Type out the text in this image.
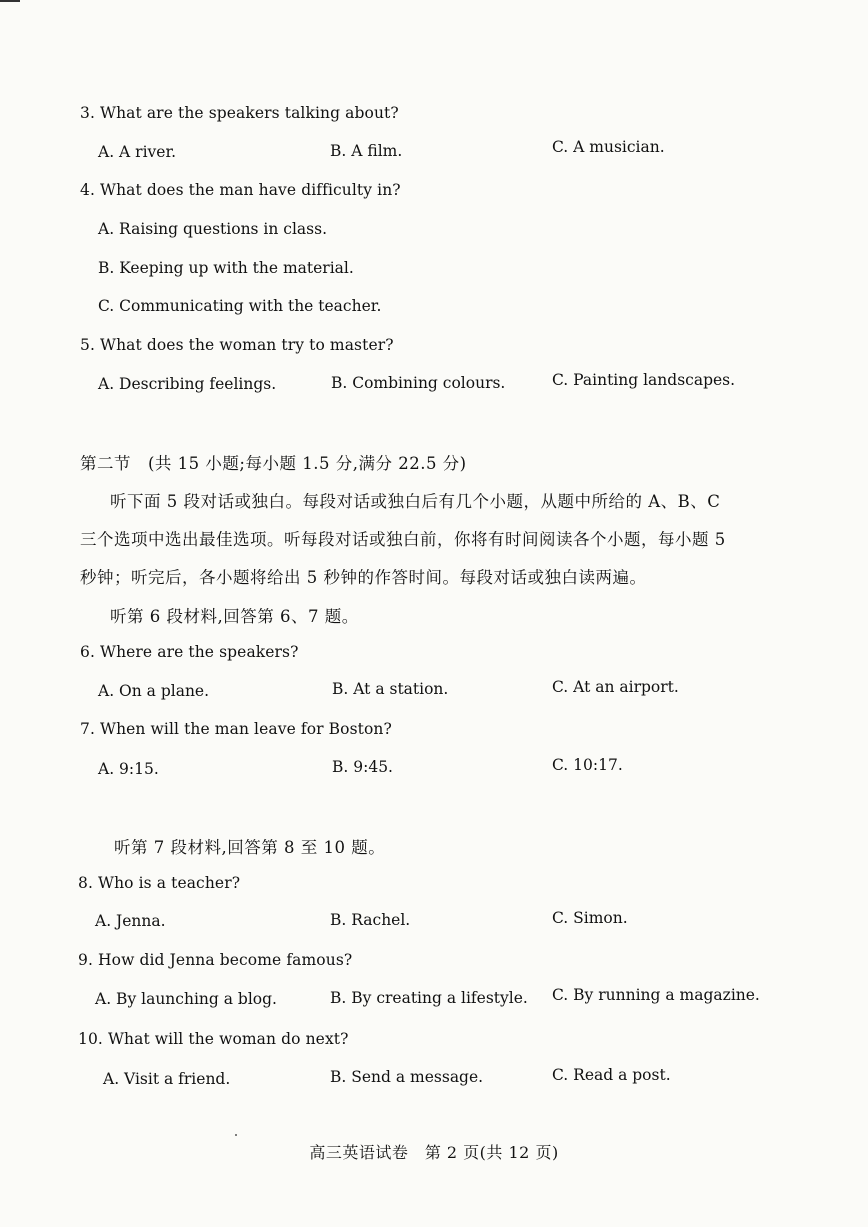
3. What are the speakers talking about?
A. A river.	B. A film.	C. A musician.
4. What does the man have difficulty in?
A. Raising questions in class.
B. Keeping up with the material.
C. Communicating with the teacher.
5. What does the woman try to master?
A. Describing feelings.	B. Combining colours.	C. Painting landscapes.
第二节　(共 15 小题;每小题 1.5 分,满分 22.5 分)
听下面 5 段对话或独白。每段对话或独白后有几个小题，从题中所给的 A、B、C
三个选项中选出最佳选项。听每段对话或独白前，你将有时间阅读各个小题，每小题 5
秒钟；听完后，各小题将给出 5 秒钟的作答时间。每段对话或独白读两遍。
听第 6 段材料,回答第 6、7 题。
6. Where are the speakers?
A. On a plane.	B. At a station.	C. At an airport.
7. When will the man leave for Boston?
A. 9:15.	B. 9:45.	C. 10:17.
听第 7 段材料,回答第 8 至 10 题。
8. Who is a teacher?
A. Jenna.	B. Rachel.	C. Simon.
9. How did Jenna become famous?
A. By launching a blog.	B. By creating a lifestyle. C. By running a magazine.
10. What will the woman do next?
A. Visit a friend.	B. Send a message.	C. Read a post.
高三英语试卷　第 2 页(共 12 页)
